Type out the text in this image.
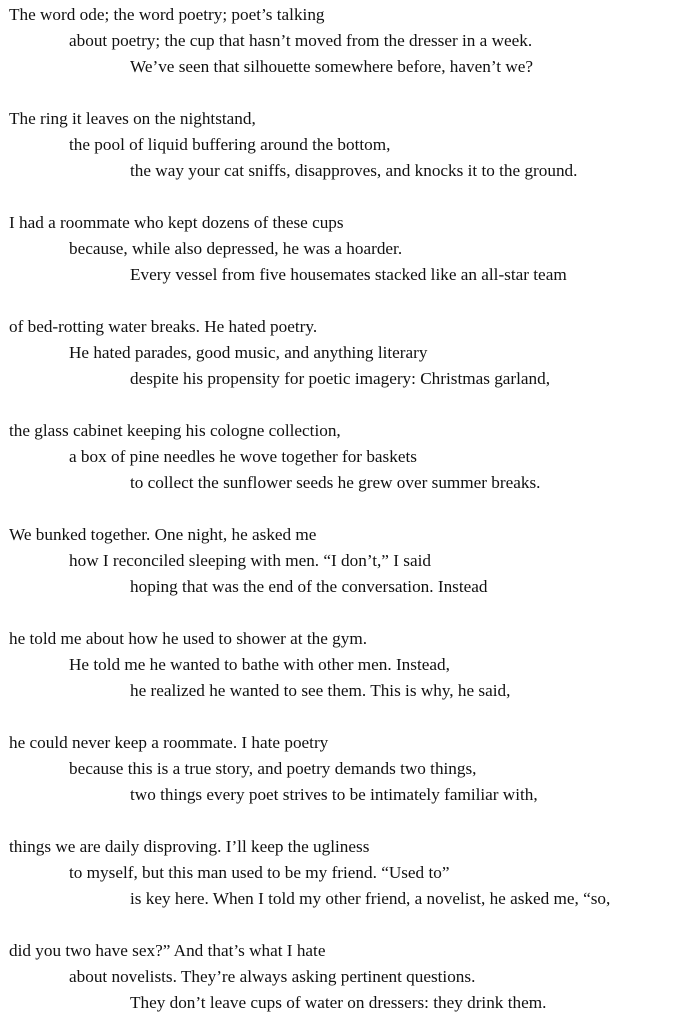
The word ode; the word poetry; poet’s talking
about poetry; the cup that hasn’t moved from the dresser in a week.
We’ve seen that silhouette somewhere before, haven’t we?
The ring it leaves on the nightstand,
the pool of liquid buffering around the bottom,
the way your cat sniffs, disapproves, and knocks it to the ground.
I had a roommate who kept dozens of these cups
because, while also depressed, he was a hoarder.
Every vessel from five housemates stacked like an all-star team
of bed-rotting water breaks. He hated poetry.
He hated parades, good music, and anything literary
despite his propensity for poetic imagery: Christmas garland,
the glass cabinet keeping his cologne collection,
a box of pine needles he wove together for baskets
to collect the sunflower seeds he grew over summer breaks.
We bunked together. One night, he asked me
how I reconciled sleeping with men. “I don’t,” I said
hoping that was the end of the conversation. Instead
he told me about how he used to shower at the gym.
He told me he wanted to bathe with other men. Instead,
he realized he wanted to see them. This is why, he said,
he could never keep a roommate. I hate poetry
because this is a true story, and poetry demands two things,
two things every poet strives to be intimately familiar with,
things we are daily disproving. I’ll keep the ugliness
to myself, but this man used to be my friend. “Used to”
is key here. When I told my other friend, a novelist, he asked me, “so,
did you two have sex?” And that’s what I hate
about novelists. They’re always asking pertinent questions.
They don’t leave cups of water on dressers: they drink them.
